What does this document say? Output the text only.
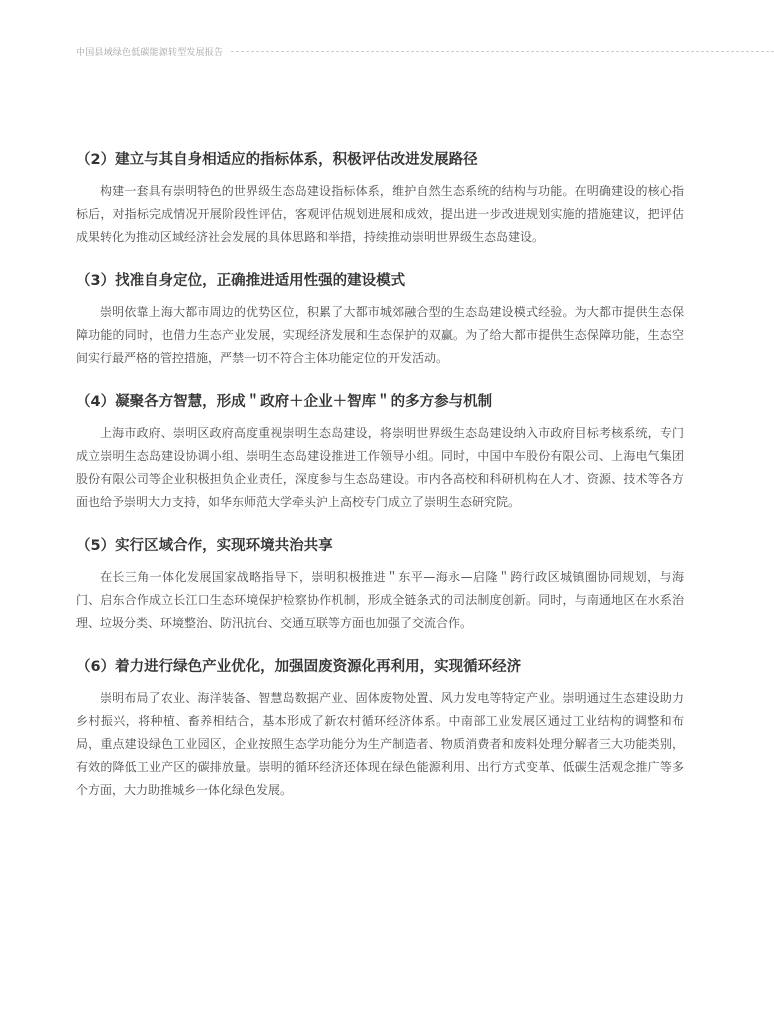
中国县域绿色低碳能源转型发展报告
（2）建立与其自身相适应的指标体系，积极评估改进发展路径

构建一套具有崇明特色的世界级生态岛建设指标体系，维护自然生态系统的结构与功能。在明确建设的核心指标后，对指标完成情况开展阶段性评估，客观评估规划进展和成效，提出进一步改进规划实施的措施建议，把评估成果转化为推动区域经济社会发展的具体思路和举措，持续推动崇明世界级生态岛建设。

（3）找准自身定位，正确推进适用性强的建设模式

崇明依靠上海大都市周边的优势区位，积累了大都市城郊融合型的生态岛建设模式经验。为大都市提供生态保障功能的同时，也借力生态产业发展，实现经济发展和生态保护的双赢。为了给大都市提供生态保障功能，生态空间实行最严格的管控措施，严禁一切不符合主体功能定位的开发活动。

（4）凝聚各方智慧，形成＂政府＋企业＋智库＂的多方参与机制

上海市政府、崇明区政府高度重视崇明生态岛建设，将崇明世界级生态岛建设纳入市政府目标考核系统，专门成立崇明生态岛建设协调小组、崇明生态岛建设推进工作领导小组。同时，中国中车股份有限公司、上海电气集团股份有限公司等企业积极担负企业责任，深度参与生态岛建设。市内各高校和科研机构在人才、资源、技术等各方面也给予崇明大力支持，如华东师范大学牵头沪上高校专门成立了崇明生态研究院。

（5）实行区域合作，实现环境共治共享

在长三角一体化发展国家战略指导下，崇明积极推进＂东平—海永—启隆＂跨行政区城镇圈协同规划，与海门、启东合作成立长江口生态环境保护检察协作机制，形成全链条式的司法制度创新。同时，与南通地区在水系治理、垃圾分类、环境整治、防汛抗台、交通互联等方面也加强了交流合作。

（6）着力进行绿色产业优化，加强固废资源化再利用，实现循环经济

崇明布局了农业、海洋装备、智慧岛数据产业、固体废物处置、风力发电等特定产业。崇明通过生态建设助力乡村振兴，将种植、畜养相结合，基本形成了新农村循环经济体系。中南部工业发展区通过工业结构的调整和布局，重点建设绿色工业园区，企业按照生态学功能分为生产制造者、物质消费者和废料处理分解者三大功能类别，有效的降低工业产区的碳排放量。崇明的循环经济还体现在绿色能源利用、出行方式变革、低碳生活观念推广等多个方面，大力助推城乡一体化绿色发展。
